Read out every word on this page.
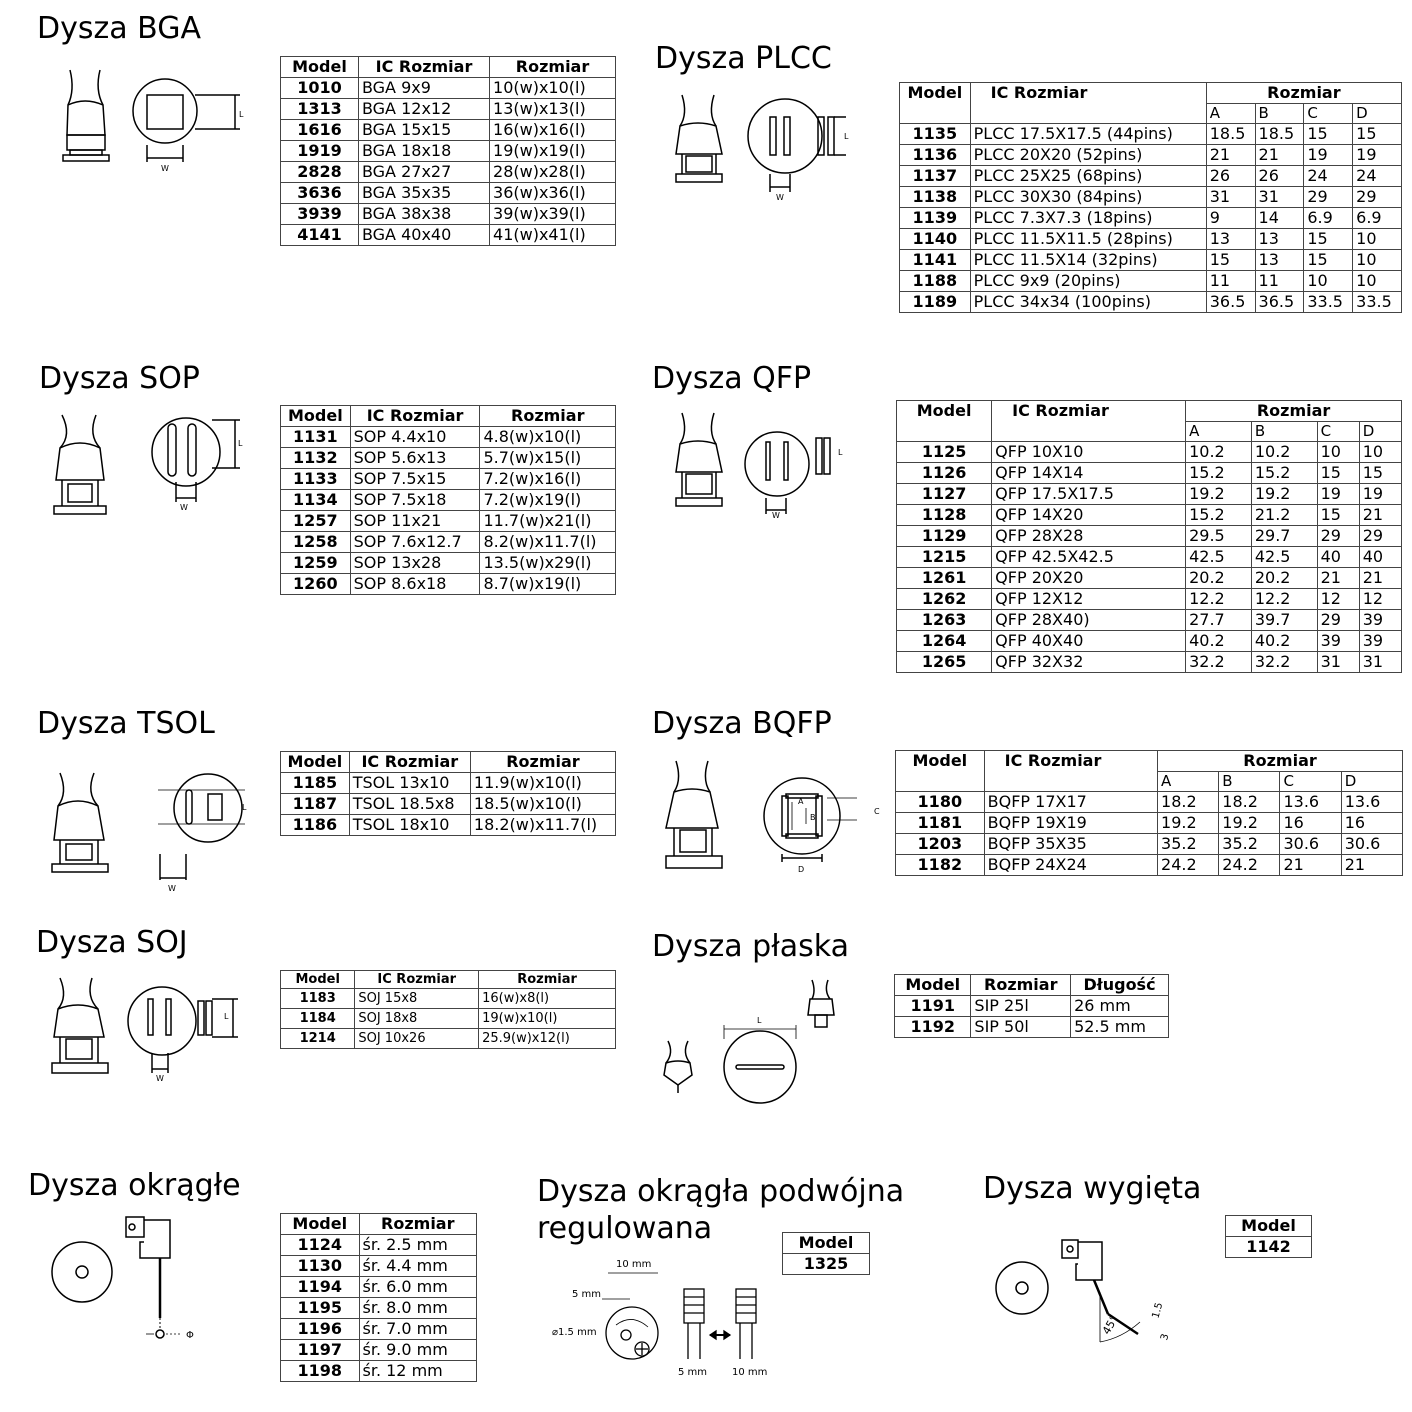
Dysza BGA
Dysza PLCC
Dysza SOP	Dysza QFP
Dysza TSOL	Dysza BQFP
Dysza SOJ	Dysza płaska
Dysza okrągłe	Dysza okrągła podwójna
regulowana
Dysza wygięta
W
L
W
L
W
L
W
L
W
L
A
B
C
D
W
L	L
Φ
10 mm
5 mm
⌀1.5 mm
5 mm 10 mm
45°
1.5
3
Model	IC Rozmiar	Rozmiar
1010	BGA 9x9	10(w)x10(l)
1313	BGA 12x12	13(w)x13(l)
1616	BGA 15x15	16(w)x16(l)
1919	BGA 18x18	19(w)x19(l)
2828	BGA 27x27	28(w)x28(l)
3636	BGA 35x35	36(w)x36(l)
3939	BGA 38x38	39(w)x39(l)
4141	BGA 40x40	41(w)x41(l)
Model	IC Rozmiar	Rozmiar			
		A	B	C	D
1135	PLCC 17.5X17.5 (44pins)	18.5	18.5	15	15
1136	PLCC 20X20 (52pins)	21	21	19	19
1137	PLCC 25X25 (68pins)	26	26	24	24
1138	PLCC 30X30 (84pins)	31	31	29	29
1139	PLCC 7.3X7.3 (18pins)	9	14	6.9	6.9
1140	PLCC 11.5X11.5 (28pins)	13	13	15	10
1141	PLCC 11.5X14 (32pins)	15	13	15	10
1188	PLCC 9x9 (20pins)	11	11	10	10
1189	PLCC 34x34 (100pins)	36.5	36.5	33.5	33.5
Model	IC Rozmiar	Rozmiar
1131	SOP 4.4x10	4.8(w)x10(l)
1132	SOP 5.6x13	5.7(w)x15(l)
1133	SOP 7.5x15	7.2(w)x16(l)
1134	SOP 7.5x18	7.2(w)x19(l)
1257	SOP 11x21	11.7(w)x21(l)
1258	SOP 7.6x12.7	8.2(w)x11.7(l)
1259	SOP 13x28	13.5(w)x29(l)
1260	SOP 8.6x18	8.7(w)x19(l)
Model	IC Rozmiar	Rozmiar			
		A	B	C	D
1125	QFP 10X10	10.2	10.2	10	10
1126	QFP 14X14	15.2	15.2	15	15
1127	QFP 17.5X17.5	19.2	19.2	19	19
1128	QFP 14X20	15.2	21.2	15	21
1129	QFP 28X28	29.5	29.7	29	29
1215	QFP 42.5X42.5	42.5	42.5	40	40
1261	QFP 20X20	20.2	20.2	21	21
1262	QFP 12X12	12.2	12.2	12	12
1263	QFP 28X40)	27.7	39.7	29	39
1264	QFP 40X40	40.2	40.2	39	39
1265	QFP 32X32	32.2	32.2	31	31
Model	IC Rozmiar	Rozmiar
1185	TSOL 13x10	11.9(w)x10(l)
1187	TSOL 18.5x8	18.5(w)x10(l)
1186	TSOL 18x10	18.2(w)x11.7(l)
Model	IC Rozmiar	Rozmiar			
		A	B	C	D
1180	BQFP 17X17	18.2	18.2	13.6	13.6
1181	BQFP 19X19	19.2	19.2	16	16
1203	BQFP 35X35	35.2	35.2	30.6	30.6
1182	BQFP 24X24	24.2	24.2	21	21
Model	IC Rozmiar	Rozmiar
1183	SOJ 15x8	16(w)x8(l)
1184	SOJ 18x8	19(w)x10(l)
1214	SOJ 10x26	25.9(w)x12(l)
Model	Rozmiar	Długość
1191	SIP 25l	26 mm
1192	SIP 50l	52.5 mm
Model	Rozmiar
1124	śr. 2.5 mm
1130	śr. 4.4 mm
1194	śr. 6.0 mm
1195	śr. 8.0 mm
1196	śr. 7.0 mm
1197	śr. 9.0 mm
1198	śr. 12 mm
Model
1325
Model
1142
